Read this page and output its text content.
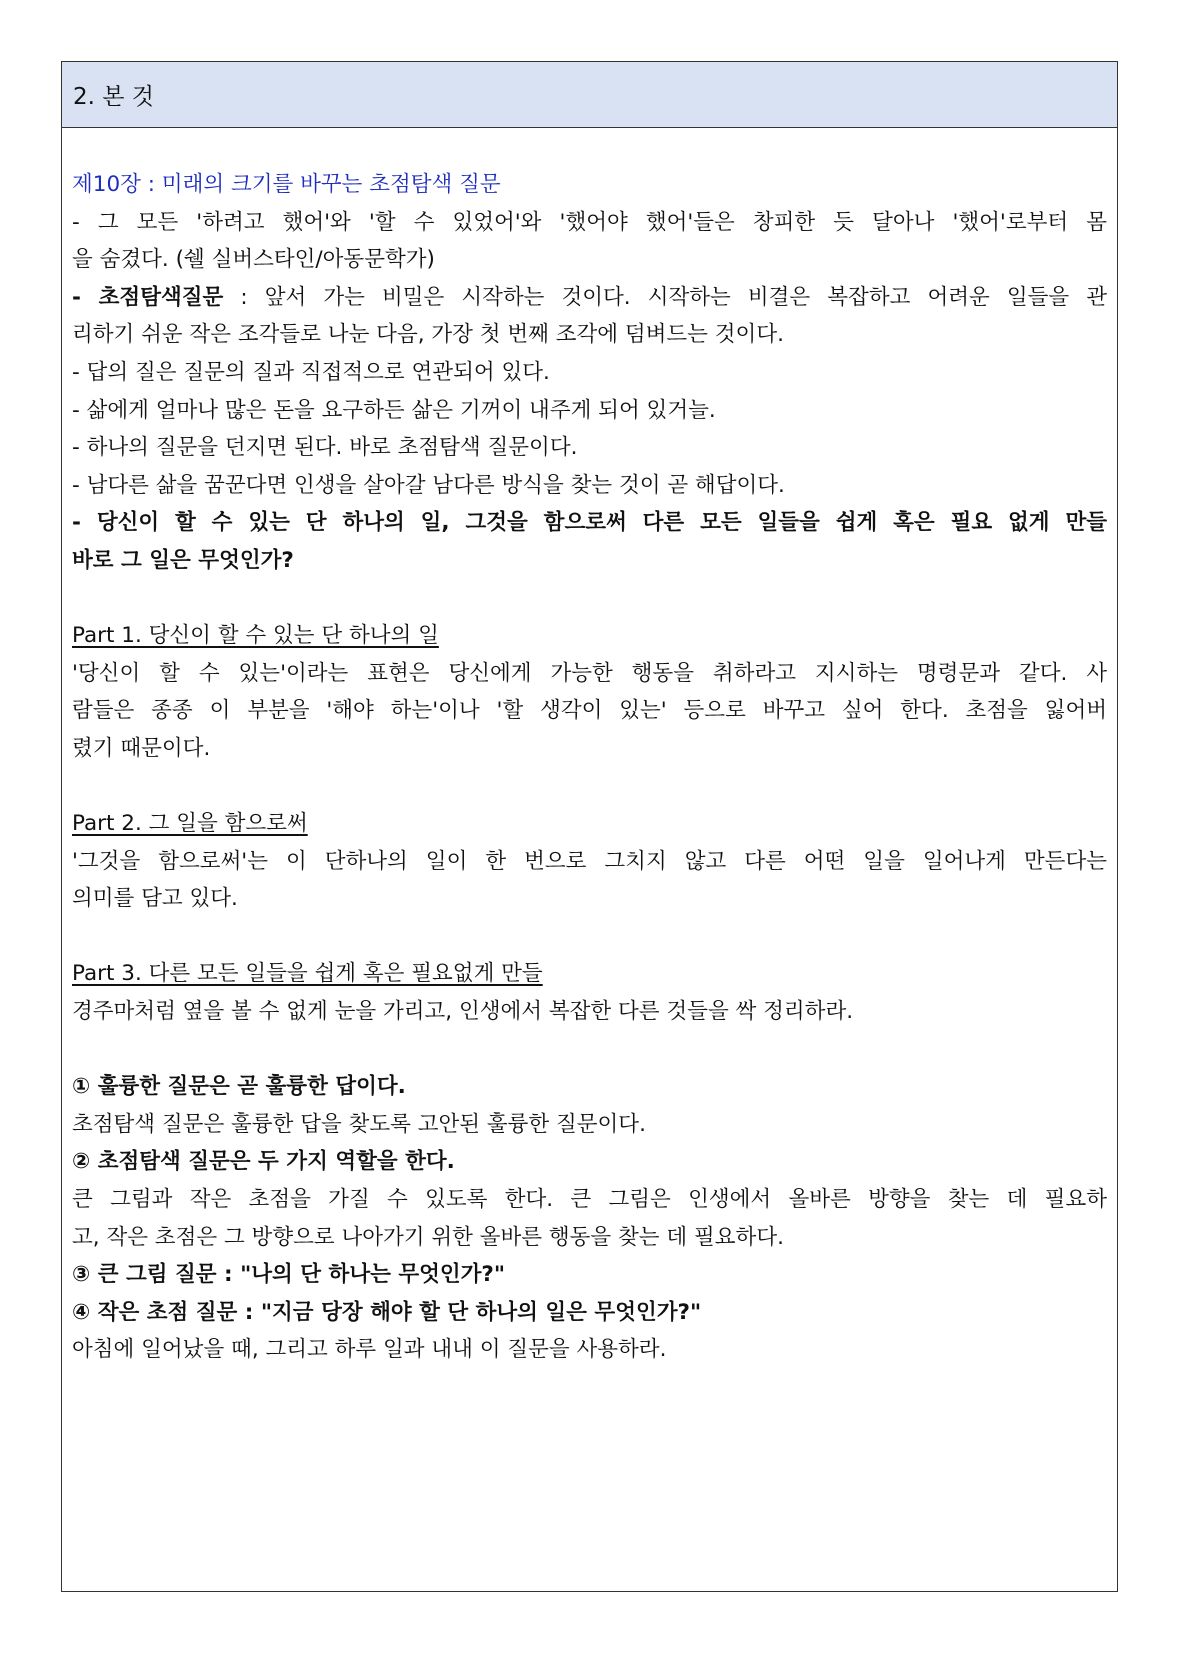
2. 본 것
제10장 : 미래의 크기를 바꾸는 초점탐색 질문
- 그 모든 '하려고 했어'와 '할 수 있었어'와 '했어야 했어'들은 창피한 듯 달아나 '했어'로부터 몸
을 숨겼다. (쉘 실버스타인/아동문학가)
- 초점탐색질문 : 앞서 가는 비밀은 시작하는 것이다. 시작하는 비결은 복잡하고 어려운 일들을 관
리하기 쉬운 작은 조각들로 나눈 다음, 가장 첫 번째 조각에 덤벼드는 것이다.
- 답의 질은 질문의 질과 직접적으로 연관되어 있다.
- 삶에게 얼마나 많은 돈을 요구하든 삶은 기꺼이 내주게 되어 있거늘.
- 하나의 질문을 던지면 된다. 바로 초점탐색 질문이다.
- 남다른 삶을 꿈꾼다면 인생을 살아갈 남다른 방식을 찾는 것이 곧 해답이다.
- 당신이 할 수 있는 단 하나의 일, 그것을 함으로써 다른 모든 일들을 쉽게 혹은 필요 없게 만들
바로 그 일은 무엇인가?
Part 1. 당신이 할 수 있는 단 하나의 일
'당신이 할 수 있는'이라는 표현은 당신에게 가능한 행동을 취하라고 지시하는 명령문과 같다. 사
람들은 종종 이 부분을 '해야 하는'이나 '할 생각이 있는' 등으로 바꾸고 싶어 한다. 초점을 잃어버
렸기 때문이다.
Part 2. 그 일을 함으로써
'그것을 함으로써'는 이 단하나의 일이 한 번으로 그치지 않고 다른 어떤 일을 일어나게 만든다는
의미를 담고 있다.
Part 3. 다른 모든 일들을 쉽게 혹은 필요없게 만들
경주마처럼 옆을 볼 수 없게 눈을 가리고, 인생에서 복잡한 다른 것들을 싹 정리하라.
① 훌륭한 질문은 곧 훌륭한 답이다.
초점탐색 질문은 훌륭한 답을 찾도록 고안된 훌륭한 질문이다.
② 초점탐색 질문은 두 가지 역할을 한다.
큰 그림과 작은 초점을 가질 수 있도록 한다. 큰 그림은 인생에서 올바른 방향을 찾는 데 필요하
고, 작은 초점은 그 방향으로 나아가기 위한 올바른 행동을 찾는 데 필요하다.
③ 큰 그림 질문 : "나의 단 하나는 무엇인가?"
④ 작은 초점 질문 : "지금 당장 해야 할 단 하나의 일은 무엇인가?"
아침에 일어났을 때, 그리고 하루 일과 내내 이 질문을 사용하라.
